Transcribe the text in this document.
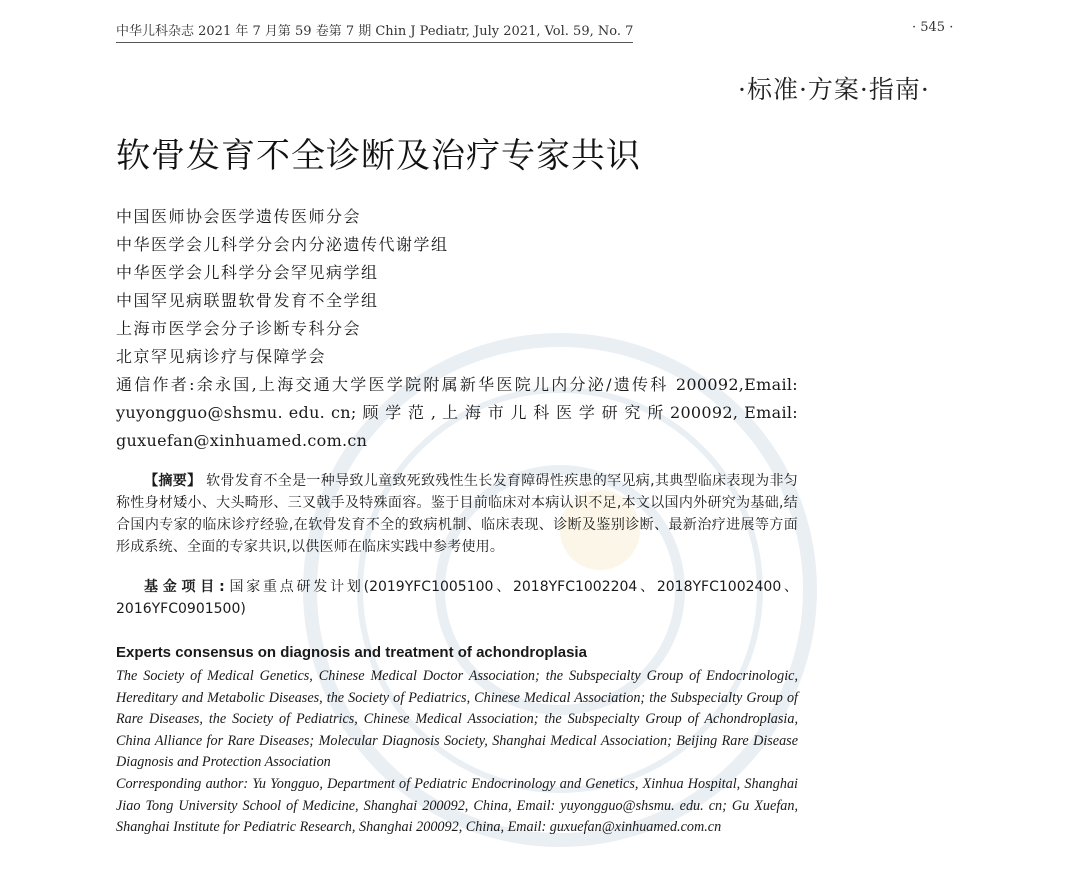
中华儿科杂志 2021 年 7 月第 59 卷第 7 期 Chin J Pediatr, July 2021, Vol. 59, No. 7	· 545 ·
·标准·方案·指南·
软骨发育不全诊断及治疗专家共识
中国医师协会医学遗传医师分会
中华医学会儿科学分会内分泌遗传代谢学组
中华医学会儿科学分会罕见病学组
中国罕见病联盟软骨发育不全学组
上海市医学会分子诊断专科分会
北京罕见病诊疗与保障学会
通信作者:余永国,上海交通大学医学院附属新华医院儿内分泌/遗传科 200092,Email:
yuyongguo@shsmu. edu. cn; 顾 学 范 , 上 海 市 儿 科 医 学 研 究 所 200092, Email:
guxuefan@xinhuamed.com.cn
【摘要】 软骨发育不全是一种导致儿童致死致残性生长发育障碍性疾患的罕见病,其典型临床表现为非匀称性身材矮小、大头畸形、三叉戟手及特殊面容。鉴于目前临床对本病认识不足,本文以国内外研究为基础,结合国内专家的临床诊疗经验,在软骨发育不全的致病机制、临床表现、诊断及鉴别诊断、最新治疗进展等方面形成系统、全面的专家共识,以供医师在临床实践中参考使用。
基金项目:国家重点研发计划(2019YFC1005100、2018YFC1002204、2018YFC1002400、2016YFC0901500)
Experts consensus on diagnosis and treatment of achondroplasia

The Society of Medical Genetics, Chinese Medical Doctor Association; the Subspecialty Group of Endocrinologic, Hereditary and Metabolic Diseases, the Society of Pediatrics, Chinese Medical Association; the Subspecialty Group of Rare Diseases, the Society of Pediatrics, Chinese Medical Association; the Subspecialty Group of Achondroplasia, China Alliance for Rare Diseases; Molecular Diagnosis Society, Shanghai Medical Association; Beijing Rare Disease Diagnosis and Protection Association

Corresponding author: Yu Yongguo, Department of Pediatric Endocrinology and Genetics, Xinhua Hospital, Shanghai Jiao Tong University School of Medicine, Shanghai 200092, China, Email: yuyongguo@shsmu. edu. cn; Gu Xuefan, Shanghai Institute for Pediatric Research, Shanghai 200092, China, Email: guxuefan@xinhuamed.com.cn
